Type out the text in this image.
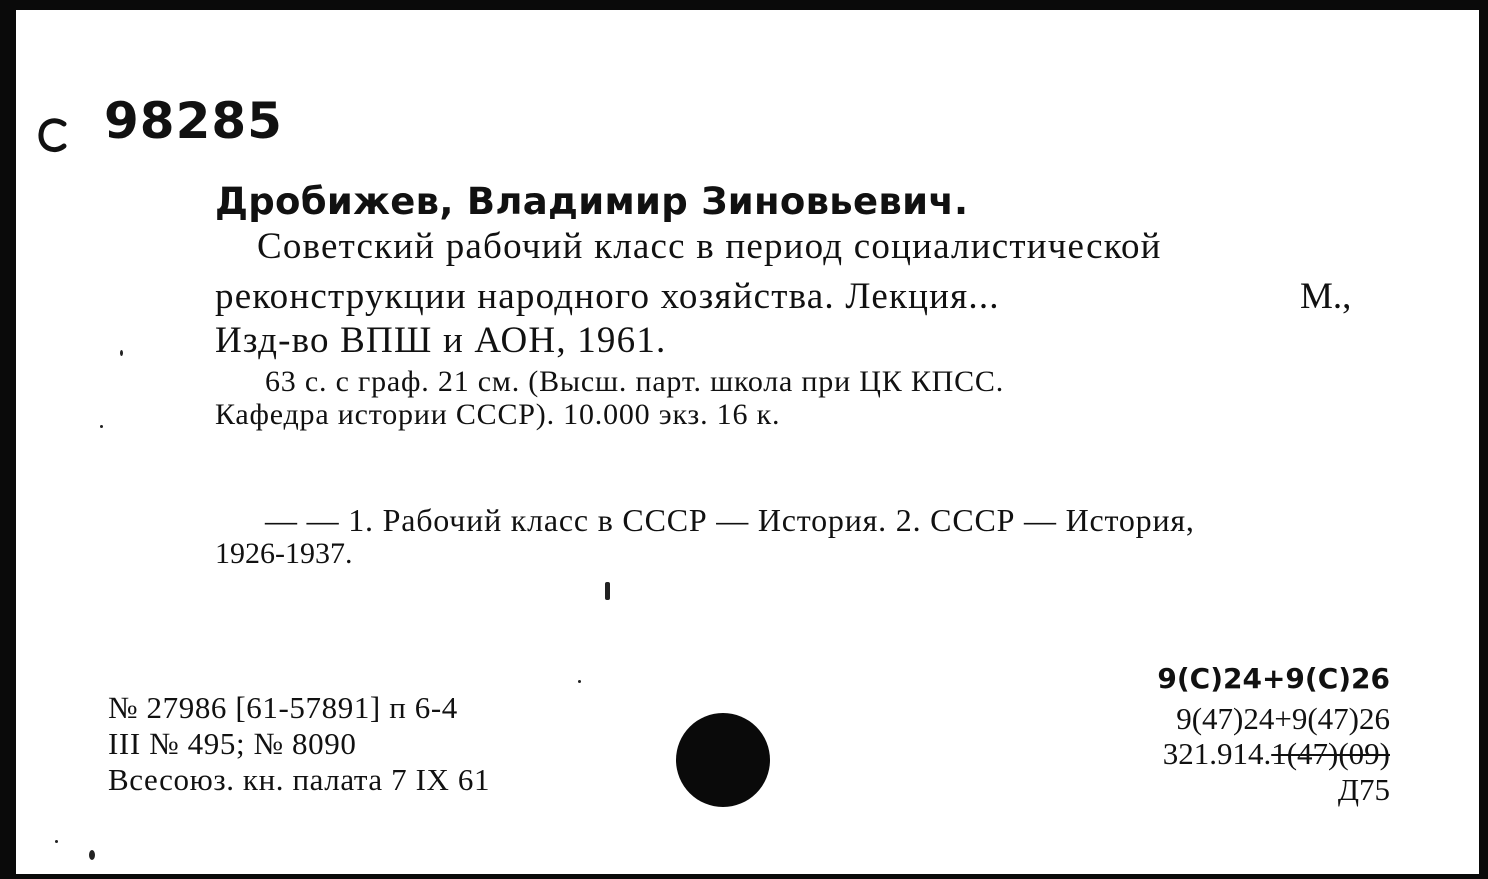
98285
Дробижев, Владимир Зиновьевич.
Советский рабочий класс в период социалистической
реконструкции народного хозяйства. Лекция...	М.,
Изд-во ВПШ и АОН, 1961.
63 с. с граф. 21 см. (Высш. парт. школа при ЦК КПСС.
Кафедра истории СССР). 10.000 экз. 16 к.
— — 1. Рабочий класс в СССР — История. 2. СССР — История,
1926-1937.
№ 27986 [61-57891] п 6-4
III № 495; № 8090
Всесоюз. кн. палата 7 IX 61
9(С)24+9(С)26
9(47)24+9(47)26
321.914.1(47)(09)
Д75
